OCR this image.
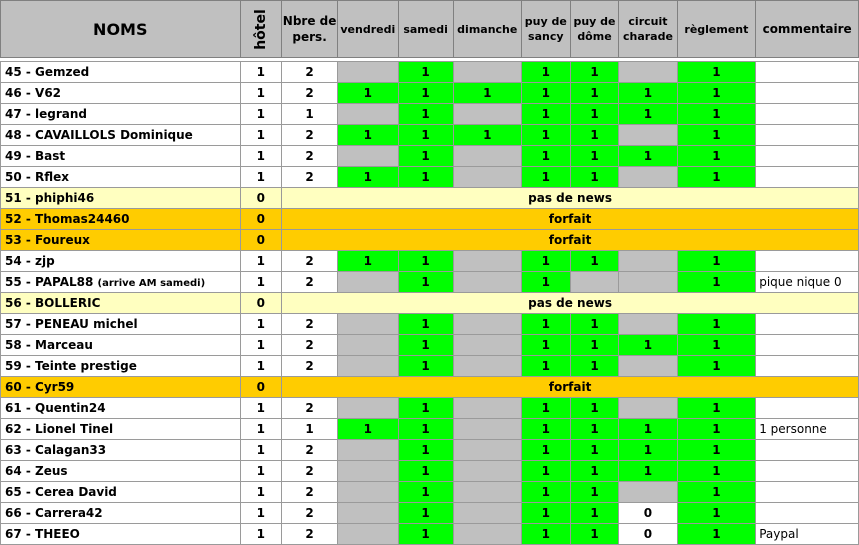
NOMS	hôtel	Nbre de pers.	vendredi	samedi	dimanche	puy de sancy	puy de dôme	circuit charade	règlement	commentaire

45 - Gemzed	1	2		1		1	1		1	
46 - V62	1	2	1	1	1	1	1	1	1	
47 - legrand	1	1		1		1	1	1	1	
48 - CAVAILLOLS Dominique	1	2	1	1	1	1	1		1	
49 - Bast	1	2		1		1	1	1	1	
50 - Rflex	1	2	1	1		1	1		1	
51 - phiphi46	0	pas de news								
52 - Thomas24460	0	forfait								
53 - Foureux	0	forfait								
54 - zjp	1	2	1	1		1	1		1	
55 - PAPAL88 (arrive AM samedi)	1	2		1		1			1	pique nique 0
56 - BOLLERIC	0	pas de news								
57 - PENEAU michel	1	2		1		1	1		1	
58 - Marceau	1	2		1		1	1	1	1	
59 - Teinte prestige	1	2		1		1	1		1	
60 - Cyr59	0	forfait								
61 - Quentin24	1	2		1		1	1		1	
62 - Lionel Tinel	1	1	1	1		1	1	1	1	1 personne
63 - Calagan33	1	2		1		1	1	1	1	
64 - Zeus	1	2		1		1	1	1	1	
65 - Cerea David	1	2		1		1	1		1	
66 - Carrera42	1	2		1		1	1	0	1	
67 - THEEO	1	2		1		1	1	0	1	Paypal
